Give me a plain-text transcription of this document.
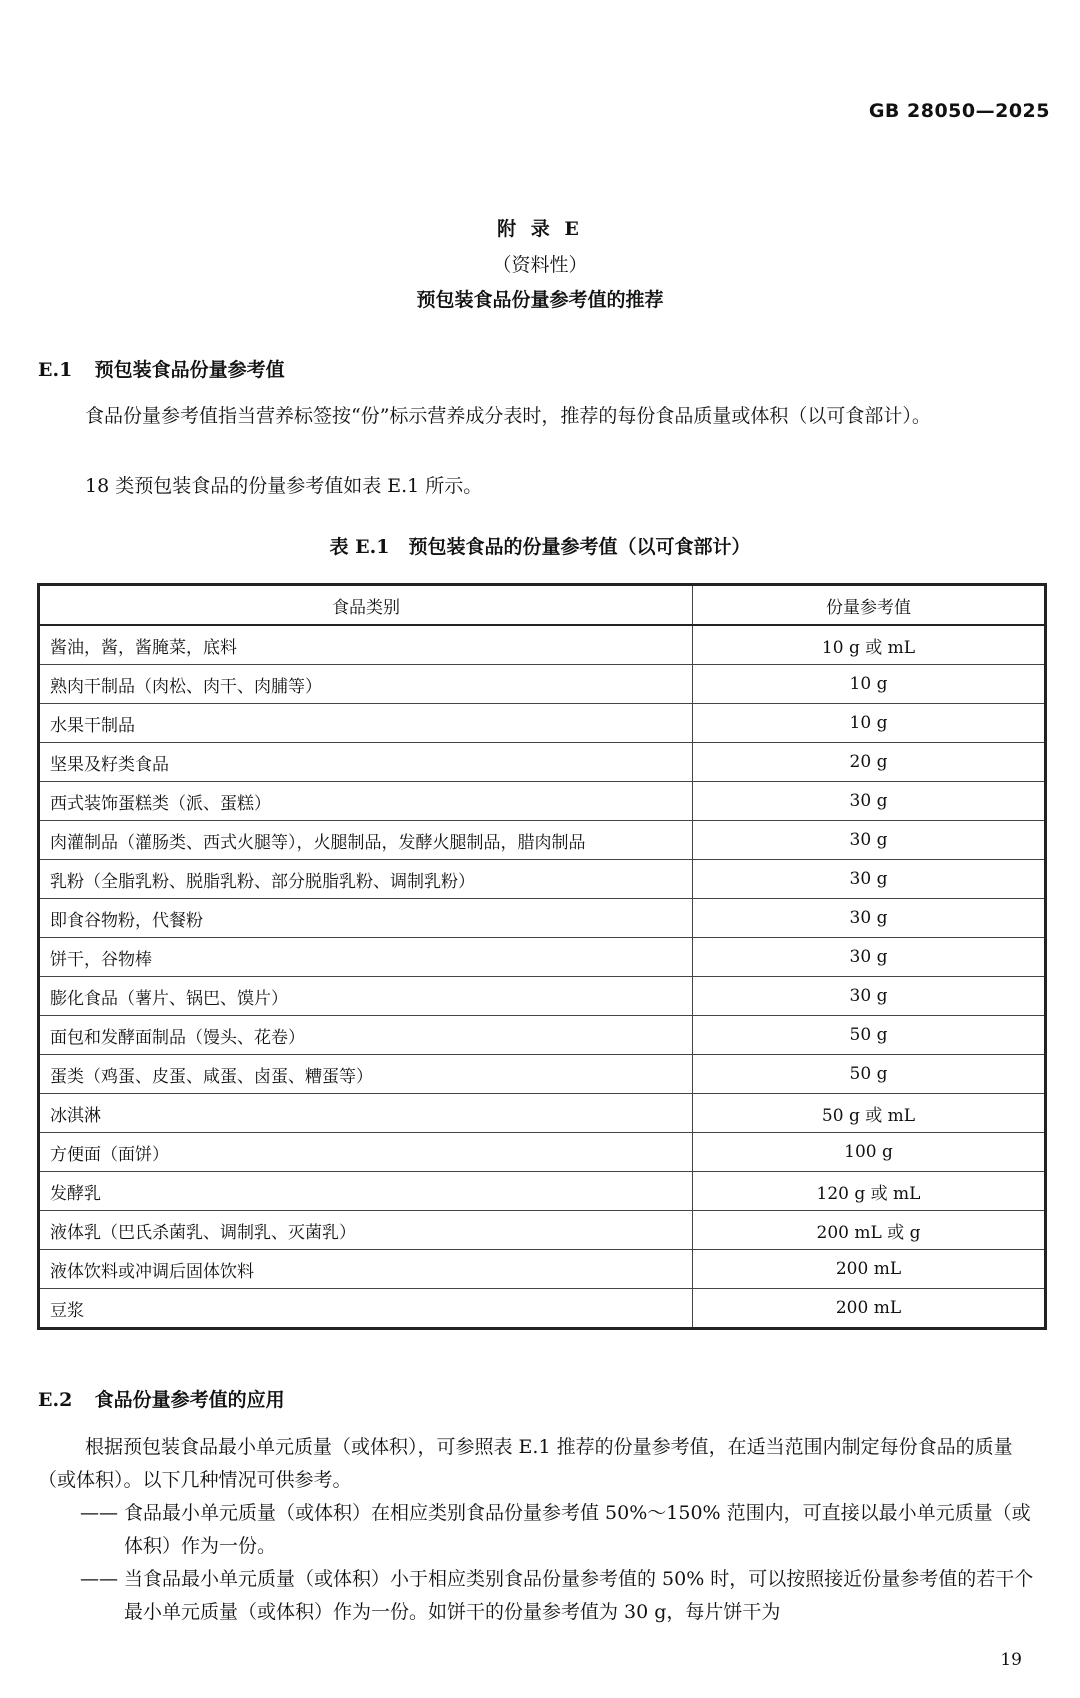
GB 28050—2025
附 录 E
（资料性）
预包装食品份量参考值的推荐
E.1 预包装食品份量参考值
食品份量参考值指当营养标签按“份”标示营养成分表时，推荐的每份食品质量或体积（以可食部计）。
18 类预包装食品的份量参考值如表 E.1 所示。
表 E.1　预包装食品的份量参考值（以可食部计）
食品类别	份量参考值
酱油，酱，酱腌菜，底料	10 g 或 mL
熟肉干制品（肉松、肉干、肉脯等）	10 g
水果干制品	10 g
坚果及籽类食品	20 g
西式装饰蛋糕类（派、蛋糕）	30 g
肉灌制品（灌肠类、西式火腿等），火腿制品，发酵火腿制品，腊肉制品	30 g
乳粉（全脂乳粉、脱脂乳粉、部分脱脂乳粉、调制乳粉）	30 g
即食谷物粉，代餐粉	30 g
饼干，谷物棒	30 g
膨化食品（薯片、锅巴、馍片）	30 g
面包和发酵面制品（馒头、花卷）	50 g
蛋类（鸡蛋、皮蛋、咸蛋、卤蛋、糟蛋等）	50 g
冰淇淋	50 g 或 mL
方便面（面饼）	100 g
发酵乳	120 g 或 mL
液体乳（巴氏杀菌乳、调制乳、灭菌乳）	200 mL 或 g
液体饮料或冲调后固体饮料	200 mL
豆浆	200 mL
E.2 食品份量参考值的应用
根据预包装食品最小单元质量（或体积），可参照表 E.1 推荐的份量参考值，在适当范围内制定每份食品的质量（或体积）。以下几种情况可供参考。
—— 食品最小单元质量（或体积）在相应类别食品份量参考值 50%～150% 范围内，可直接以最小单元质量（或体积）作为一份。
—— 当食品最小单元质量（或体积）小于相应类别食品份量参考值的 50% 时，可以按照接近份量参考值的若干个最小单元质量（或体积）作为一份。如饼干的份量参考值为 30 g，每片饼干为
19
